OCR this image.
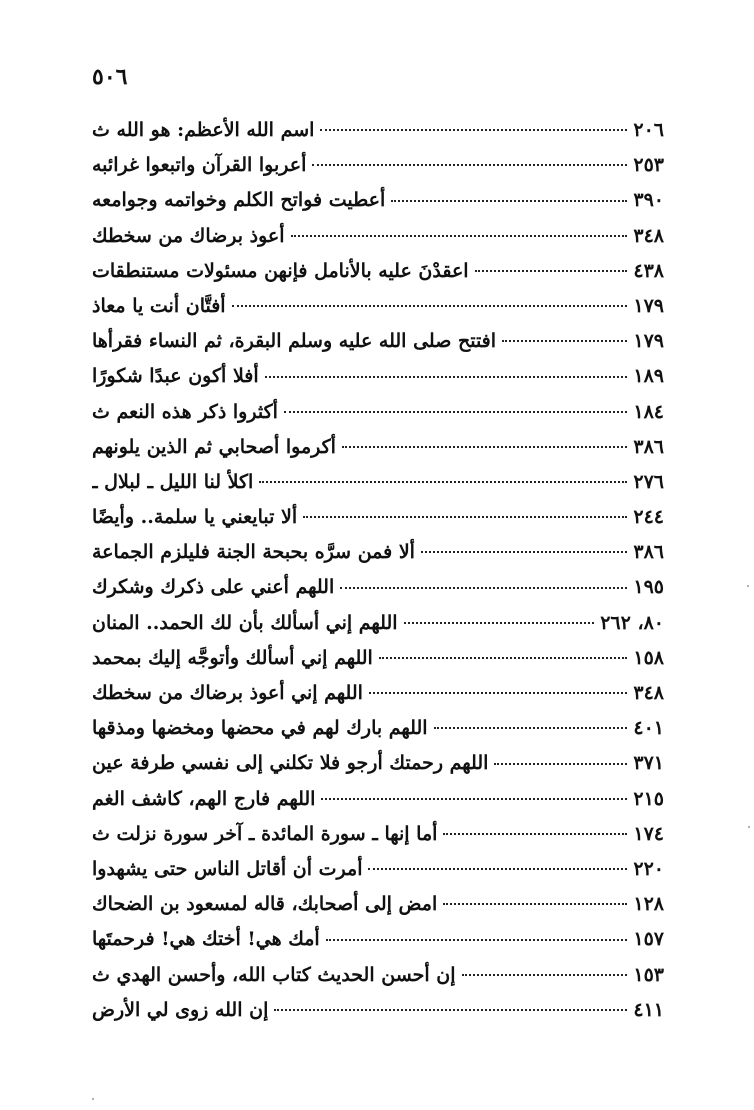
٥٠٦
اسم الله الأعظم: هو الله ث	٢٠٦
أعربوا القرآن واتبعوا غرائبه	٢٥٣
أعطيت فواتح الكلم وخواتمه وجوامعه	٣٩٠
أعوذ برضاك من سخطك	٣٤٨
اعقدْنَ عليه بالأنامل فإنهن مسئولات مستنطقات	٤٣٨
أفتَّان أنت يا معاذ	١٧٩
افتتح صلى الله عليه وسلم البقرة، ثم النساء فقرأها	١٧٩
أفلا أكون عبدًا شكورًا	١٨٩
أكثروا ذكر هذه النعم ث	١٨٤
أكرموا أصحابي ثم الذين يلونهم	٣٨٦
اكلأ لنا الليل ـ لبلال ـ	٢٧٦
ألا تبايعني يا سلمة.. وأيضًا	٢٤٤
ألا فمن سرَّه بحبحة الجنة فليلزم الجماعة	٣٨٦
اللهم أعني على ذكرك وشكرك	١٩٥
اللهم إني أسألك بأن لك الحمد.. المنان	٨٠، ٢٦٢
اللهم إني أسألك وأتوجَّه إليك بمحمد	١٥٨
اللهم إني أعوذ برضاك من سخطك	٣٤٨
اللهم بارك لهم في محضها ومخضها ومذقها	٤٠١
اللهم رحمتك أرجو فلا تكلني إلى نفسي طرفة عين	٣٧١
اللهم فارج الهم، كاشف الغم	٢١٥
أما إنها ـ سورة المائدة ـ آخر سورة نزلت ث	١٧٤
أمرت أن أقاتل الناس حتى يشهدوا	٢٢٠
امض إلى أصحابك، قاله لمسعود بن الضحاك	١٢٨
أمك هي! أختك هي! فرحمتَها	١٥٧
إن أحسن الحديث كتاب الله، وأحسن الهدي ث	١٥٣
إن الله زوى لي الأرض	٤١١
